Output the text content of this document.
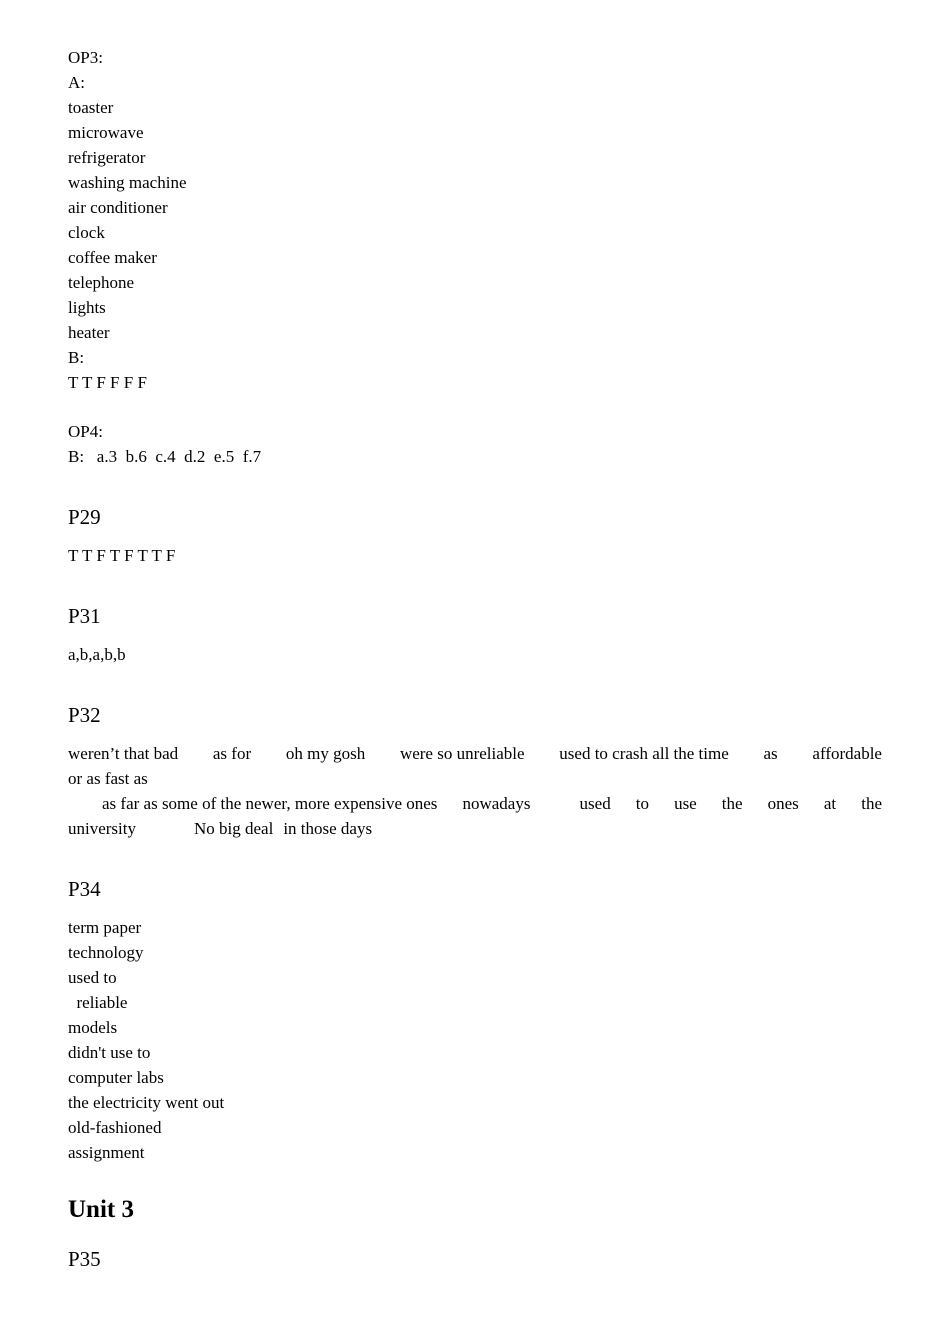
OP3:
A:
toaster
microwave
refrigerator
washing machine
air conditioner
clock
coffee maker
telephone
lights
heater
B:
T T F F F F
OP4:
B:   a.3  b.6  c.4  d.2  e.5  f.7
P29
T T F T F T T F
P31
a,b,a,b,b
P32
weren’t that bad as for oh my gosh were so unreliable used to crash all the time as affordable
or as fast as
as far as some of the newer, more expensive ones nowadays	used to use the ones at the
university	No big deal in those days
P34
term paper
technology
used to
reliable
models
didn't use to
computer labs
the electricity went out
old-fashioned
assignment
Unit 3
P35
